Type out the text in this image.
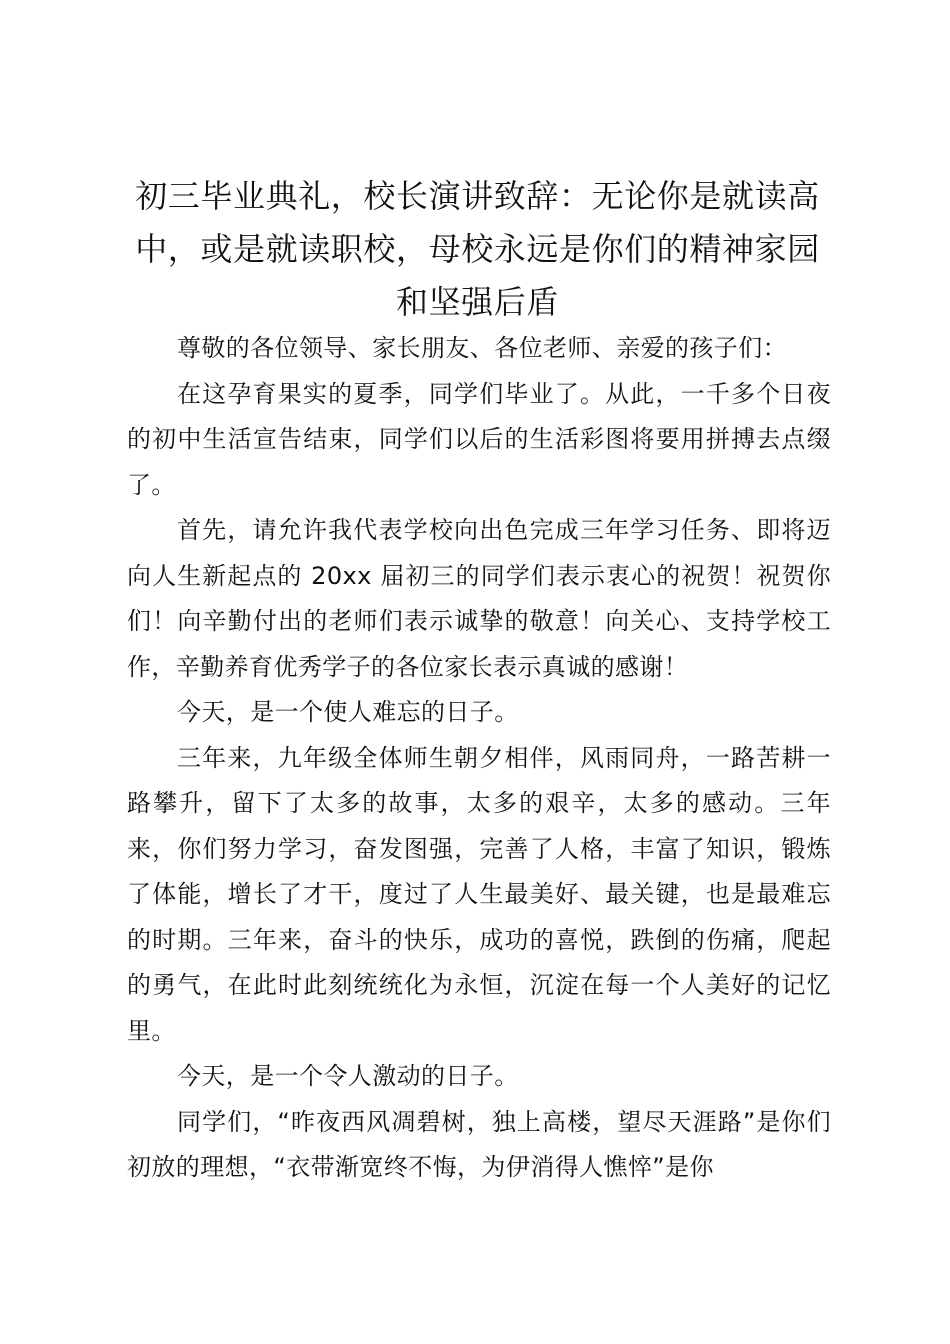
初三毕业典礼，校长演讲致辞：无论你是就读高中，或是就读职校，母校永远是你们的精神家园和坚强后盾

尊敬的各位领导、家长朋友、各位老师、亲爱的孩子们：

在这孕育果实的夏季，同学们毕业了。从此，一千多个日夜的初中生活宣告结束，同学们以后的生活彩图将要用拼搏去点缀了。

首先，请允许我代表学校向出色完成三年学习任务、即将迈向人生新起点的 20xx 届初三的同学们表示衷心的祝贺！祝贺你们！向辛勤付出的老师们表示诚挚的敬意！向关心、支持学校工作，辛勤养育优秀学子的各位家长表示真诚的感谢！

今天，是一个使人难忘的日子。

三年来，九年级全体师生朝夕相伴，风雨同舟，一路苦耕一路攀升，留下了太多的故事，太多的艰辛，太多的感动。三年来，你们努力学习，奋发图强，完善了人格，丰富了知识，锻炼了体能，增长了才干，度过了人生最美好、最关键，也是最难忘的时期。三年来，奋斗的快乐，成功的喜悦，跌倒的伤痛，爬起的勇气，在此时此刻统统化为永恒，沉淀在每一个人美好的记忆里。

今天，是一个令人激动的日子。

同学们，“昨夜西风凋碧树，独上高楼，望尽天涯路”是你们初放的理想，“衣带渐宽终不悔，为伊消得人憔悴”是你
